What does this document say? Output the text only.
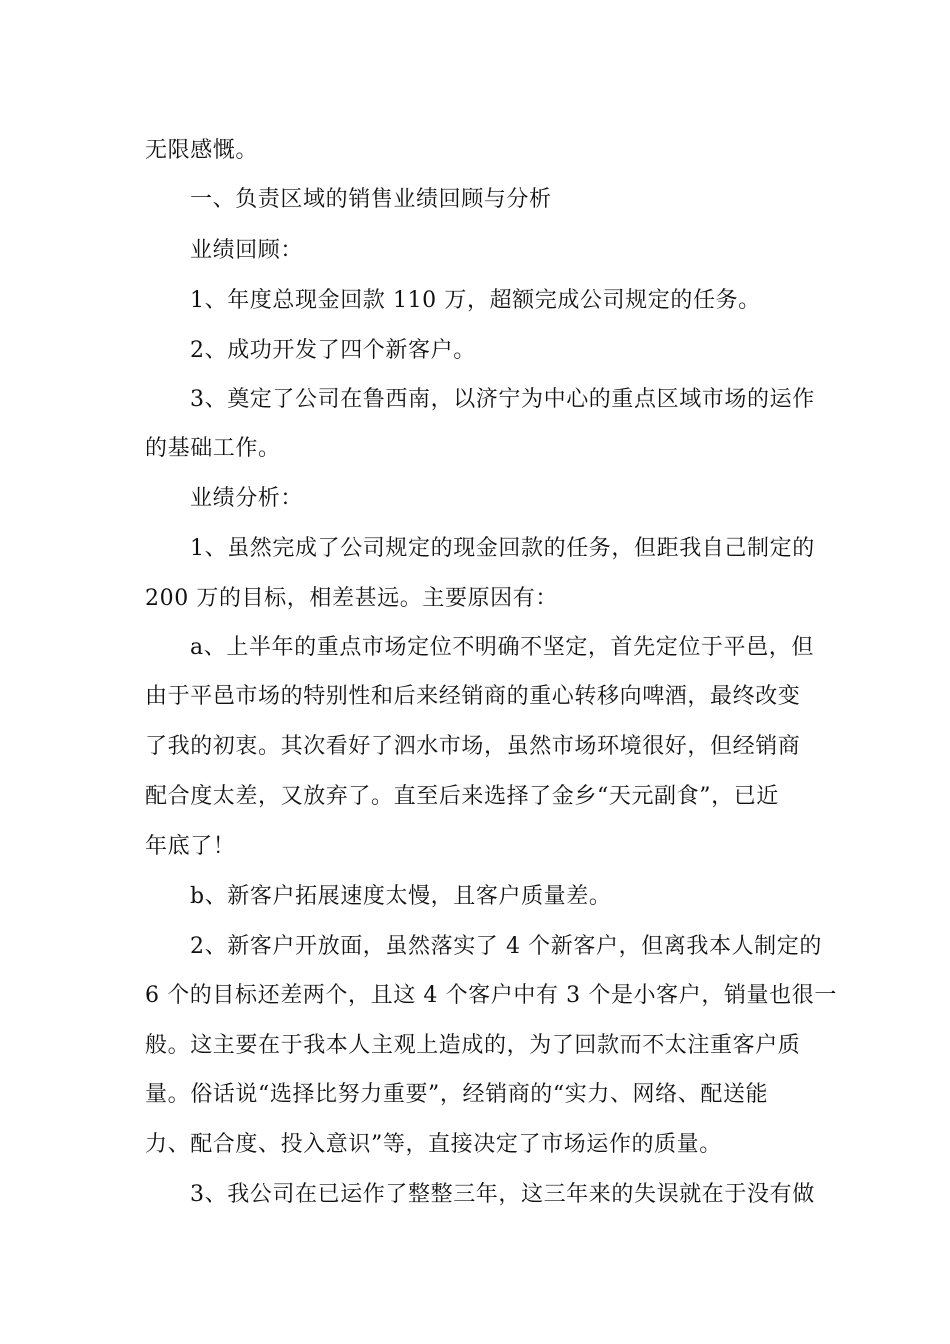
无限感慨。
一、负责区域的销售业绩回顾与分析
业绩回顾：
1、年度总现金回款 110 万，超额完成公司规定的任务。
2、成功开发了四个新客户。
3、奠定了公司在鲁西南，以济宁为中心的重点区域市场的运作
的基础工作。
业绩分析：
1、虽然完成了公司规定的现金回款的任务，但距我自己制定的
200 万的目标，相差甚远。主要原因有：
a、上半年的重点市场定位不明确不坚定，首先定位于平邑，但
由于平邑市场的特别性和后来经销商的重心转移向啤酒，最终改变
了我的初衷。其次看好了泗水市场，虽然市场环境很好，但经销商
配合度太差，又放弃了。直至后来选择了金乡“天元副食”，已近
年底了！
b、新客户拓展速度太慢，且客户质量差。
2、新客户开放面，虽然落实了 4 个新客户，但离我本人制定的
6 个的目标还差两个，且这 4 个客户中有 3 个是小客户，销量也很一
般。这主要在于我本人主观上造成的，为了回款而不太注重客户质
量。俗话说“选择比努力重要”，经销商的“实力、网络、配送能
力、配合度、投入意识”等，直接决定了市场运作的质量。
3、我公司在已运作了整整三年，这三年来的失误就在于没有做
